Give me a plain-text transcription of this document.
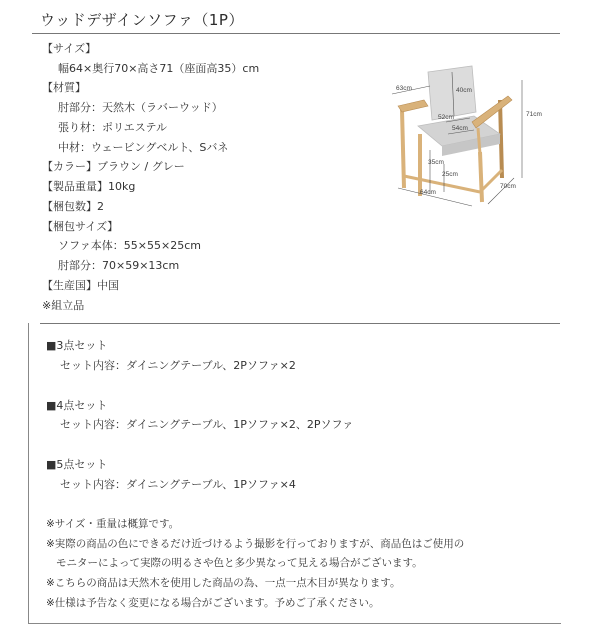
ウッドデザインソファ（1P）
【サイズ】
幅64×奥行70×高さ71（座面高35）cm
【材質】
肘部分：天然木（ラバーウッド）
張り材：ポリエステル
中材：ウェービングベルト、Sバネ
【カラー】ブラウン / グレー
【製品重量】10kg
【梱包数】2
【梱包サイズ】
ソファ本体：55×55×25cm
肘部分：70×59×13cm
【生産国】中国
※組立品
63cm	40cm
71cm
52cm
54cm
35cm
25cm
64cm
70cm
■3点セット
セット内容：ダイニングテーブル、2Pソファ×2
■4点セット
セット内容：ダイニングテーブル、1Pソファ×2、2Pソファ
■5点セット
セット内容：ダイニングテーブル、1Pソファ×4
※サイズ・重量は概算です。
※実際の商品の色にできるだけ近づけるよう撮影を行っておりますが、商品色はご使用の
モニターによって実際の明るさや色と多少異なって見える場合がございます。
※こちらの商品は天然木を使用した商品の為、一点一点木目が異なります。
※仕様は予告なく変更になる場合がございます。予めご了承ください。
